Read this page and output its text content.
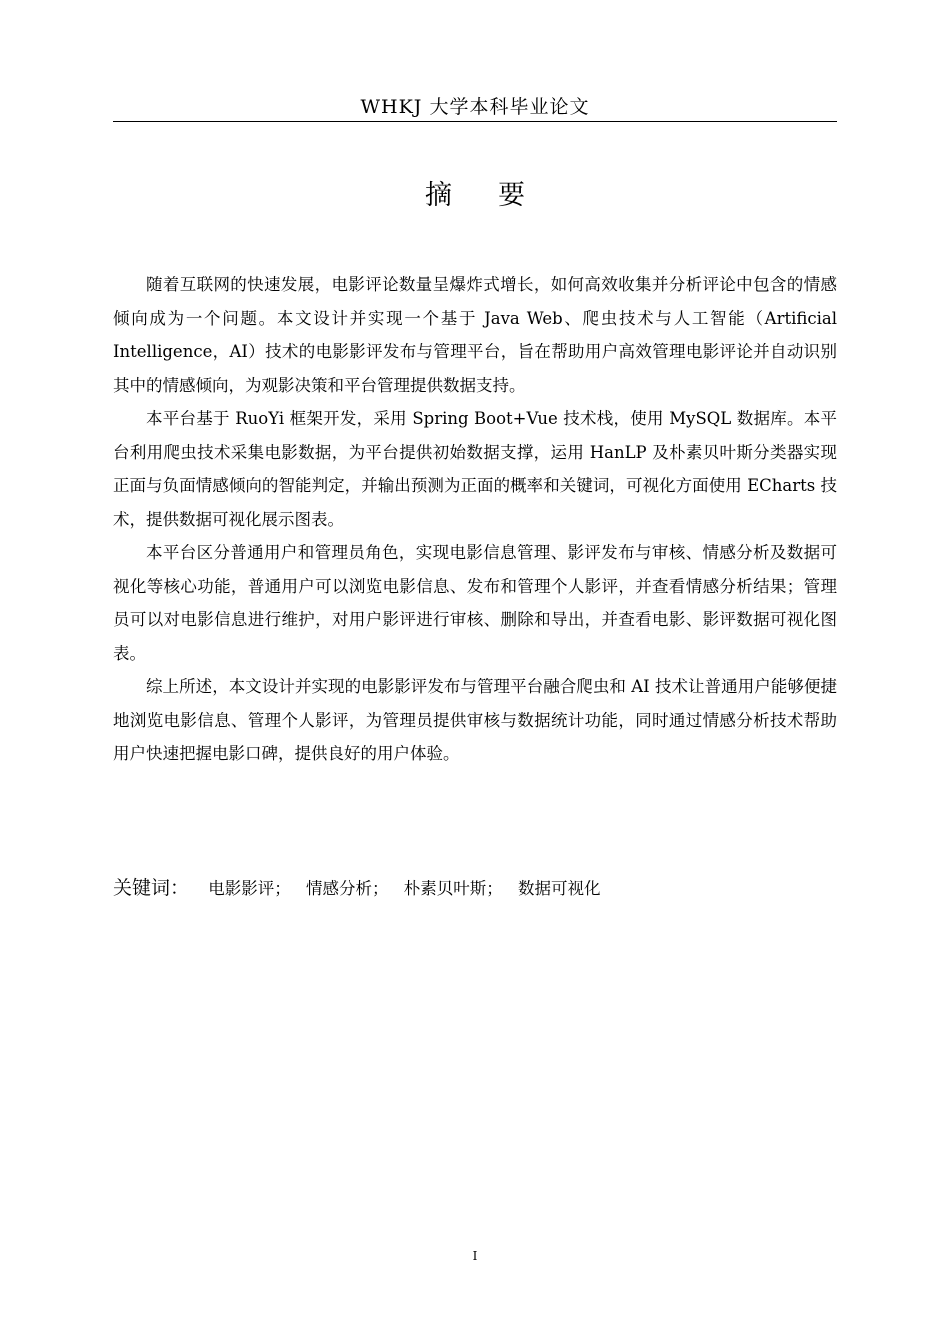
WHKJ 大学本科毕业论文
摘要

随着互联网的快速发展，电影评论数量呈爆炸式增长，如何高效收集并分析评论中包含的情感倾向成为一个问题。本文设计并实现一个基于 Java Web、爬虫技术与人工智能（Artificial Intelligence，AI）技术的电影影评发布与管理平台，旨在帮助用户高效管理电影评论并自动识别其中的情感倾向，为观影决策和平台管理提供数据支持。

本平台基于 RuoYi 框架开发，采用 Spring Boot+Vue 技术栈，使用 MySQL 数据库。本平台利用爬虫技术采集电影数据，为平台提供初始数据支撑，运用 HanLP 及朴素贝叶斯分类器实现正面与负面情感倾向的智能判定，并输出预测为正面的概率和关键词，可视化方面使用 ECharts 技术，提供数据可视化展示图表。

本平台区分普通用户和管理员角色，实现电影信息管理、影评发布与审核、情感分析及数据可视化等核心功能，普通用户可以浏览电影信息、发布和管理个人影评，并查看情感分析结果；管理员可以对电影信息进行维护，对用户影评进行审核、删除和导出，并查看电影、影评数据可视化图表。

综上所述，本文设计并实现的电影影评发布与管理平台融合爬虫和 AI 技术让普通用户能够便捷地浏览电影信息、管理个人影评，为管理员提供审核与数据统计功能，同时通过情感分析技术帮助用户快速把握电影口碑，提供良好的用户体验。

关键词： 电影影评； 情感分析； 朴素贝叶斯； 数据可视化
I
